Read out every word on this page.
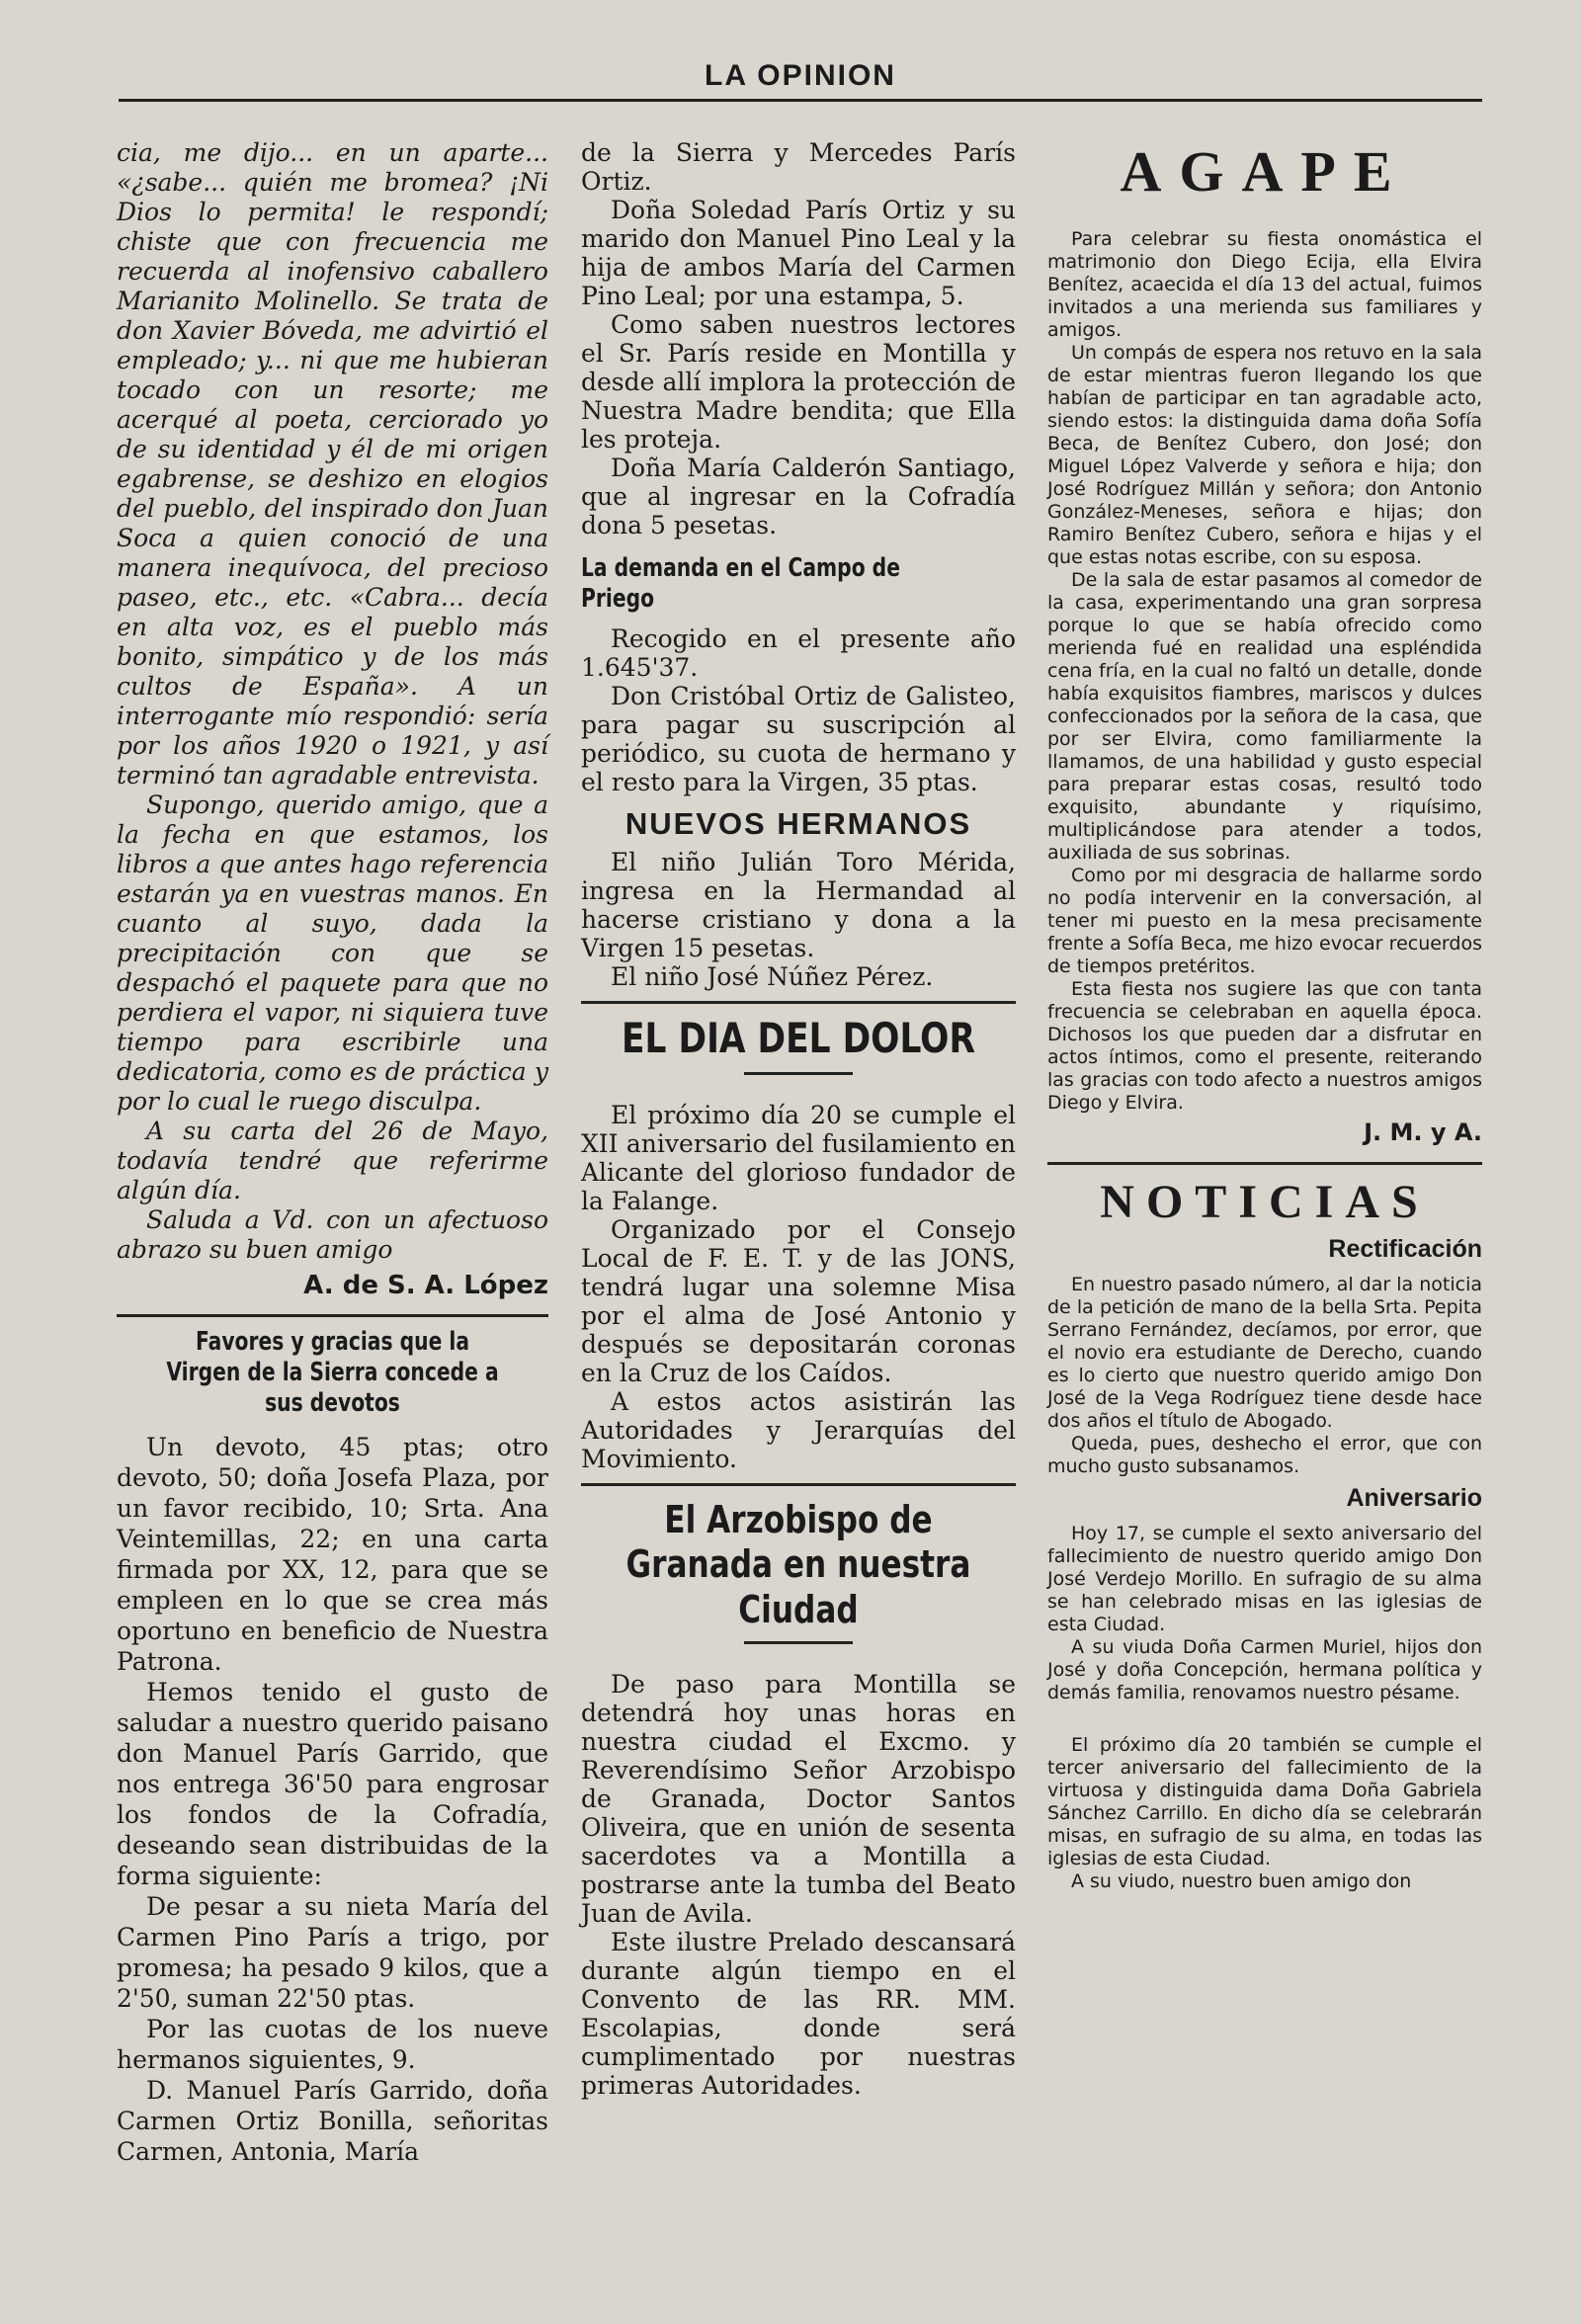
LA OPINION

cia, me dijo... en un aparte... «¿sabe... quién me bromea? ¡Ni Dios lo permita! le respondí; chiste que con frecuencia me recuerda al inofensivo caballero Marianito Molinello. Se trata de don Xavier Bóveda, me advirtió el empleado; y... ni que me hubieran tocado con un resorte; me acerqué al poeta, cerciorado yo de su identidad y él de mi origen egabrense, se deshizo en elogios del pueblo, del inspirado don Juan Soca a quien conoció de una manera inequívoca, del precioso paseo, etc., etc. «Cabra... decía en alta voz, es el pueblo más bonito, simpático y de los más cultos de España». A un interrogante mío respondió: sería por los años 1920 o 1921, y así terminó tan agradable entrevista.

Supongo, querido amigo, que a la fecha en que estamos, los libros a que antes hago referencia estarán ya en vuestras manos. En cuanto al suyo, dada la precipitación con que se despachó el paquete para que no perdiera el vapor, ni siquiera tuve tiempo para escribirle una dedicatoria, como es de práctica y por lo cual le ruego disculpa.

A su carta del 26 de Mayo, todavía tendré que referirme algún día.

Saluda a Vd. con un afectuoso abrazo su buen amigo

A. de S. A. López
Favores y gracias que la Virgen de la Sierra concede a sus devotos

Un devoto, 45 ptas; otro devoto, 50; doña Josefa Plaza, por un favor recibido, 10; Srta. Ana Veintemillas, 22; en una carta firmada por XX, 12, para que se empleen en lo que se crea más oportuno en beneficio de Nuestra Patrona.

Hemos tenido el gusto de saludar a nuestro querido paisano don Manuel París Garrido, que nos entrega 36'50 para engrosar los fondos de la Cofradía, deseando sean distribuidas de la forma siguiente:

De pesar a su nieta María del Carmen Pino París a trigo, por promesa; ha pesado 9 kilos, que a 2'50, suman 22'50 ptas.

Por las cuotas de los nueve hermanos siguientes, 9.

D. Manuel París Garrido, doña Carmen Ortiz Bonilla, señoritas Carmen, Antonia, María

de la Sierra y Mercedes París Ortiz.

Doña Soledad París Ortiz y su marido don Manuel Pino Leal y la hija de ambos María del Carmen Pino Leal; por una estampa, 5.

Como saben nuestros lectores el Sr. París reside en Montilla y desde allí implora la protección de Nuestra Madre bendita; que Ella les proteja.

Doña María Calderón Santiago, que al ingresar en la Cofradía dona 5 pesetas.

La demanda en el Campo de Priego

Recogido en el presente año 1.645'37.

Don Cristóbal Ortiz de Galisteo, para pagar su suscripción al periódico, su cuota de hermano y el resto para la Virgen, 35 ptas.

NUEVOS HERMANOS

El niño Julián Toro Mérida, ingresa en la Hermandad al hacerse cristiano y dona a la Virgen 15 pesetas.

El niño José Núñez Pérez.

EL DIA DEL DOLOR

El próximo día 20 se cumple el XII aniversario del fusilamiento en Alicante del glorioso fundador de la Falange.

Organizado por el Consejo Local de F. E. T. y de las JONS, tendrá lugar una solemne Misa por el alma de José Antonio y después se depositarán coronas en la Cruz de los Caídos.

A estos actos asistirán las Autoridades y Jerarquías del Movimiento.

El Arzobispo de Granada en nuestra Ciudad

De paso para Montilla se detendrá hoy unas horas en nuestra ciudad el Excmo. y Reverendísimo Señor Arzobispo de Granada, Doctor Santos Oliveira, que en unión de sesenta sacerdotes va a Montilla a postrarse ante la tumba del Beato Juan de Avila.

Este ilustre Prelado descansará durante algún tiempo en el Convento de las RR. MM. Escolapias, donde será cumplimentado por nuestras primeras Autoridades.

AGAPE

Para celebrar su fiesta onomástica el matrimonio don Diego Ecija, ella Elvira Benítez, acaecida el día 13 del actual, fuimos invitados a una merienda sus familiares y amigos.

Un compás de espera nos retuvo en la sala de estar mientras fueron llegando los que habían de participar en tan agradable acto, siendo estos: la distinguida dama doña Sofía Beca, de Benítez Cubero, don José; don Miguel López Valverde y señora e hija; don José Rodríguez Millán y señora; don Antonio González-Meneses, señora e hijas; don Ramiro Benítez Cubero, señora e hijas y el que estas notas escribe, con su esposa.

De la sala de estar pasamos al comedor de la casa, experimentando una gran sorpresa porque lo que se había ofrecido como merienda fué en realidad una espléndida cena fría, en la cual no faltó un detalle, donde había exquisitos fiambres, mariscos y dulces confeccionados por la señora de la casa, que por ser Elvira, como familiarmente la llamamos, de una habilidad y gusto especial para preparar estas cosas, resultó todo exquisito, abundante y riquísimo, multiplicándose para atender a todos, auxiliada de sus sobrinas.

Como por mi desgracia de hallarme sordo no podía intervenir en la conversación, al tener mi puesto en la mesa precisamente frente a Sofía Beca, me hizo evocar recuerdos de tiempos pretéritos.

Esta fiesta nos sugiere las que con tanta frecuencia se celebraban en aquella época. Dichosos los que pueden dar a disfrutar en actos íntimos, como el presente, reiterando las gracias con todo afecto a nuestros amigos Diego y Elvira.

J. M. y A.
NOTICIAS
Rectificación

En nuestro pasado número, al dar la noticia de la petición de mano de la bella Srta. Pepita Serrano Fernández, decíamos, por error, que el novio era estudiante de Derecho, cuando es lo cierto que nuestro querido amigo Don José de la Vega Rodríguez tiene desde hace dos años el título de Abogado.

Queda, pues, deshecho el error, que con mucho gusto subsanamos.

Aniversario

Hoy 17, se cumple el sexto aniversario del fallecimiento de nuestro querido amigo Don José Verdejo Morillo. En sufragio de su alma se han celebrado misas en las iglesias de esta Ciudad.

A su viuda Doña Carmen Muriel, hijos don José y doña Concepción, hermana política y demás familia, renovamos nuestro pésame.

El próximo día 20 también se cumple el tercer aniversario del fallecimiento de la virtuosa y distinguida dama Doña Gabriela Sánchez Carrillo. En dicho día se celebrarán misas, en sufragio de su alma, en todas las iglesias de esta Ciudad.

A su viudo, nuestro buen amigo don
